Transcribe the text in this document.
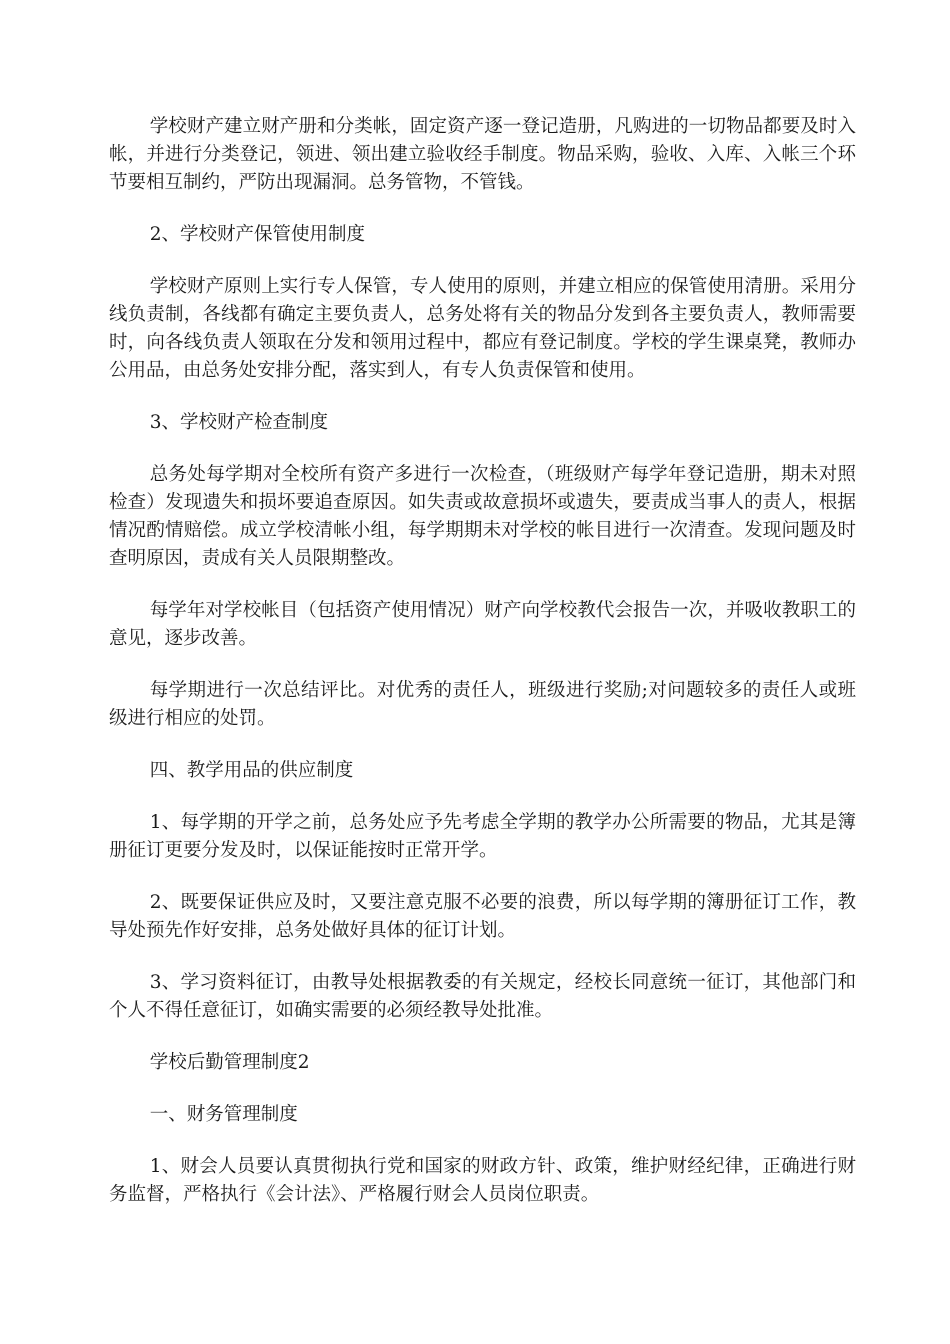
学校财产建立财产册和分类帐，固定资产逐一登记造册，凡购进的一切物品都要及时入帐，并进行分类登记，领进、领出建立验收经手制度。物品采购，验收、入库、入帐三个环节要相互制约，严防出现漏洞。总务管物，不管钱。

2、学校财产保管使用制度

学校财产原则上实行专人保管，专人使用的原则，并建立相应的保管使用清册。采用分线负责制，各线都有确定主要负责人，总务处将有关的物品分发到各主要负责人，教师需要时，向各线负责人领取在分发和领用过程中，都应有登记制度。学校的学生课桌凳，教师办公用品，由总务处安排分配，落实到人，有专人负责保管和使用。

3、学校财产检查制度

总务处每学期对全校所有资产多进行一次检查，（班级财产每学年登记造册，期未对照检查）发现遗失和损坏要追查原因。如失责或故意损坏或遗失，要责成当事人的责人，根据情况酌情赔偿。成立学校清帐小组，每学期期未对学校的帐目进行一次清查。发现问题及时查明原因，责成有关人员限期整改。

每学年对学校帐目（包括资产使用情况）财产向学校教代会报告一次，并吸收教职工的意见，逐步改善。

每学期进行一次总结评比。对优秀的责任人，班级进行奖励;对问题较多的责任人或班级进行相应的处罚。

四、教学用品的供应制度

1、每学期的开学之前，总务处应予先考虑全学期的教学办公所需要的物品，尤其是簿册征订更要分发及时，以保证能按时正常开学。

2、既要保证供应及时，又要注意克服不必要的浪费，所以每学期的簿册征订工作，教导处预先作好安排，总务处做好具体的征订计划。

3、学习资料征订，由教导处根据教委的有关规定，经校长同意统一征订，其他部门和个人不得任意征订，如确实需要的必须经教导处批准。

学校后勤管理制度2

一、财务管理制度

1、财会人员要认真贯彻执行党和国家的财政方针、政策，维护财经纪律，正确进行财务监督，严格执行《会计法》、严格履行财会人员岗位职责。
